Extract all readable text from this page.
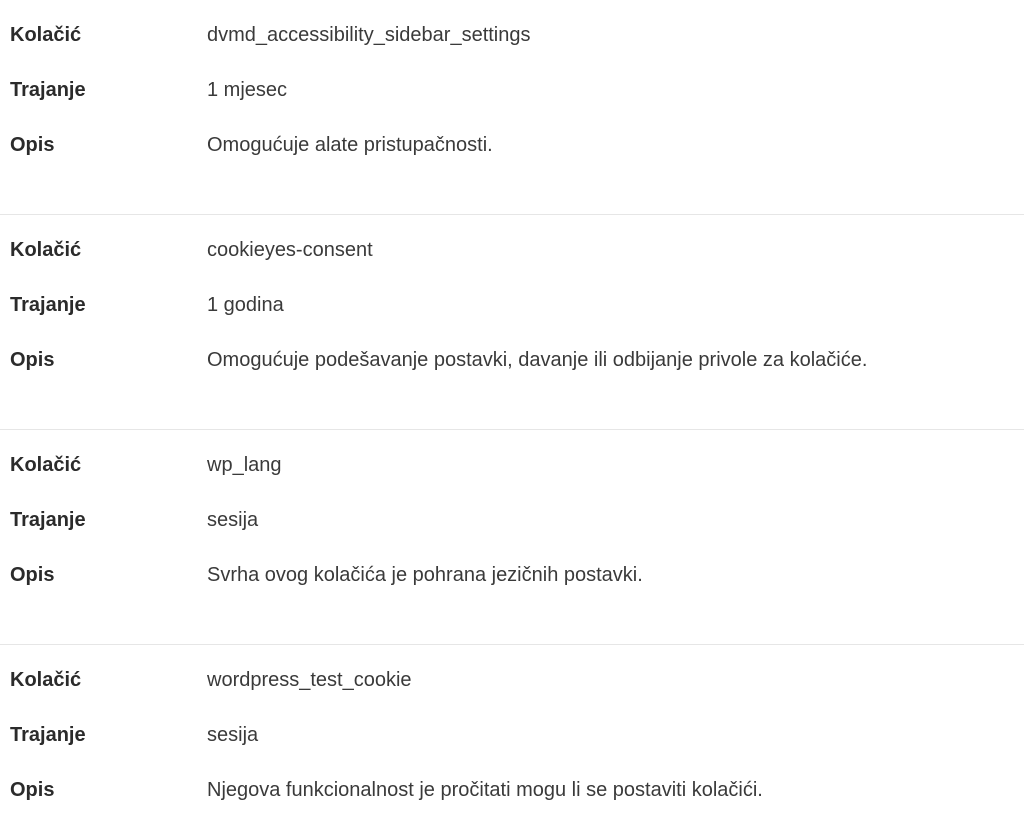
Kolačić	dvmd_accessibility_sidebar_settings
Trajanje	1 mjesec
Opis	Omogućuje alate pristupačnosti.
Kolačić	cookieyes-consent
Trajanje	1 godina
Opis	Omogućuje podešavanje postavki, davanje ili odbijanje privole za kolačiće.
Kolačić	wp_lang
Trajanje	sesija
Opis	Svrha ovog kolačića je pohrana jezičnih postavki.
Kolačić	wordpress_test_cookie
Trajanje	sesija
Opis	Njegova funkcionalnost je pročitati mogu li se postaviti kolačići.
